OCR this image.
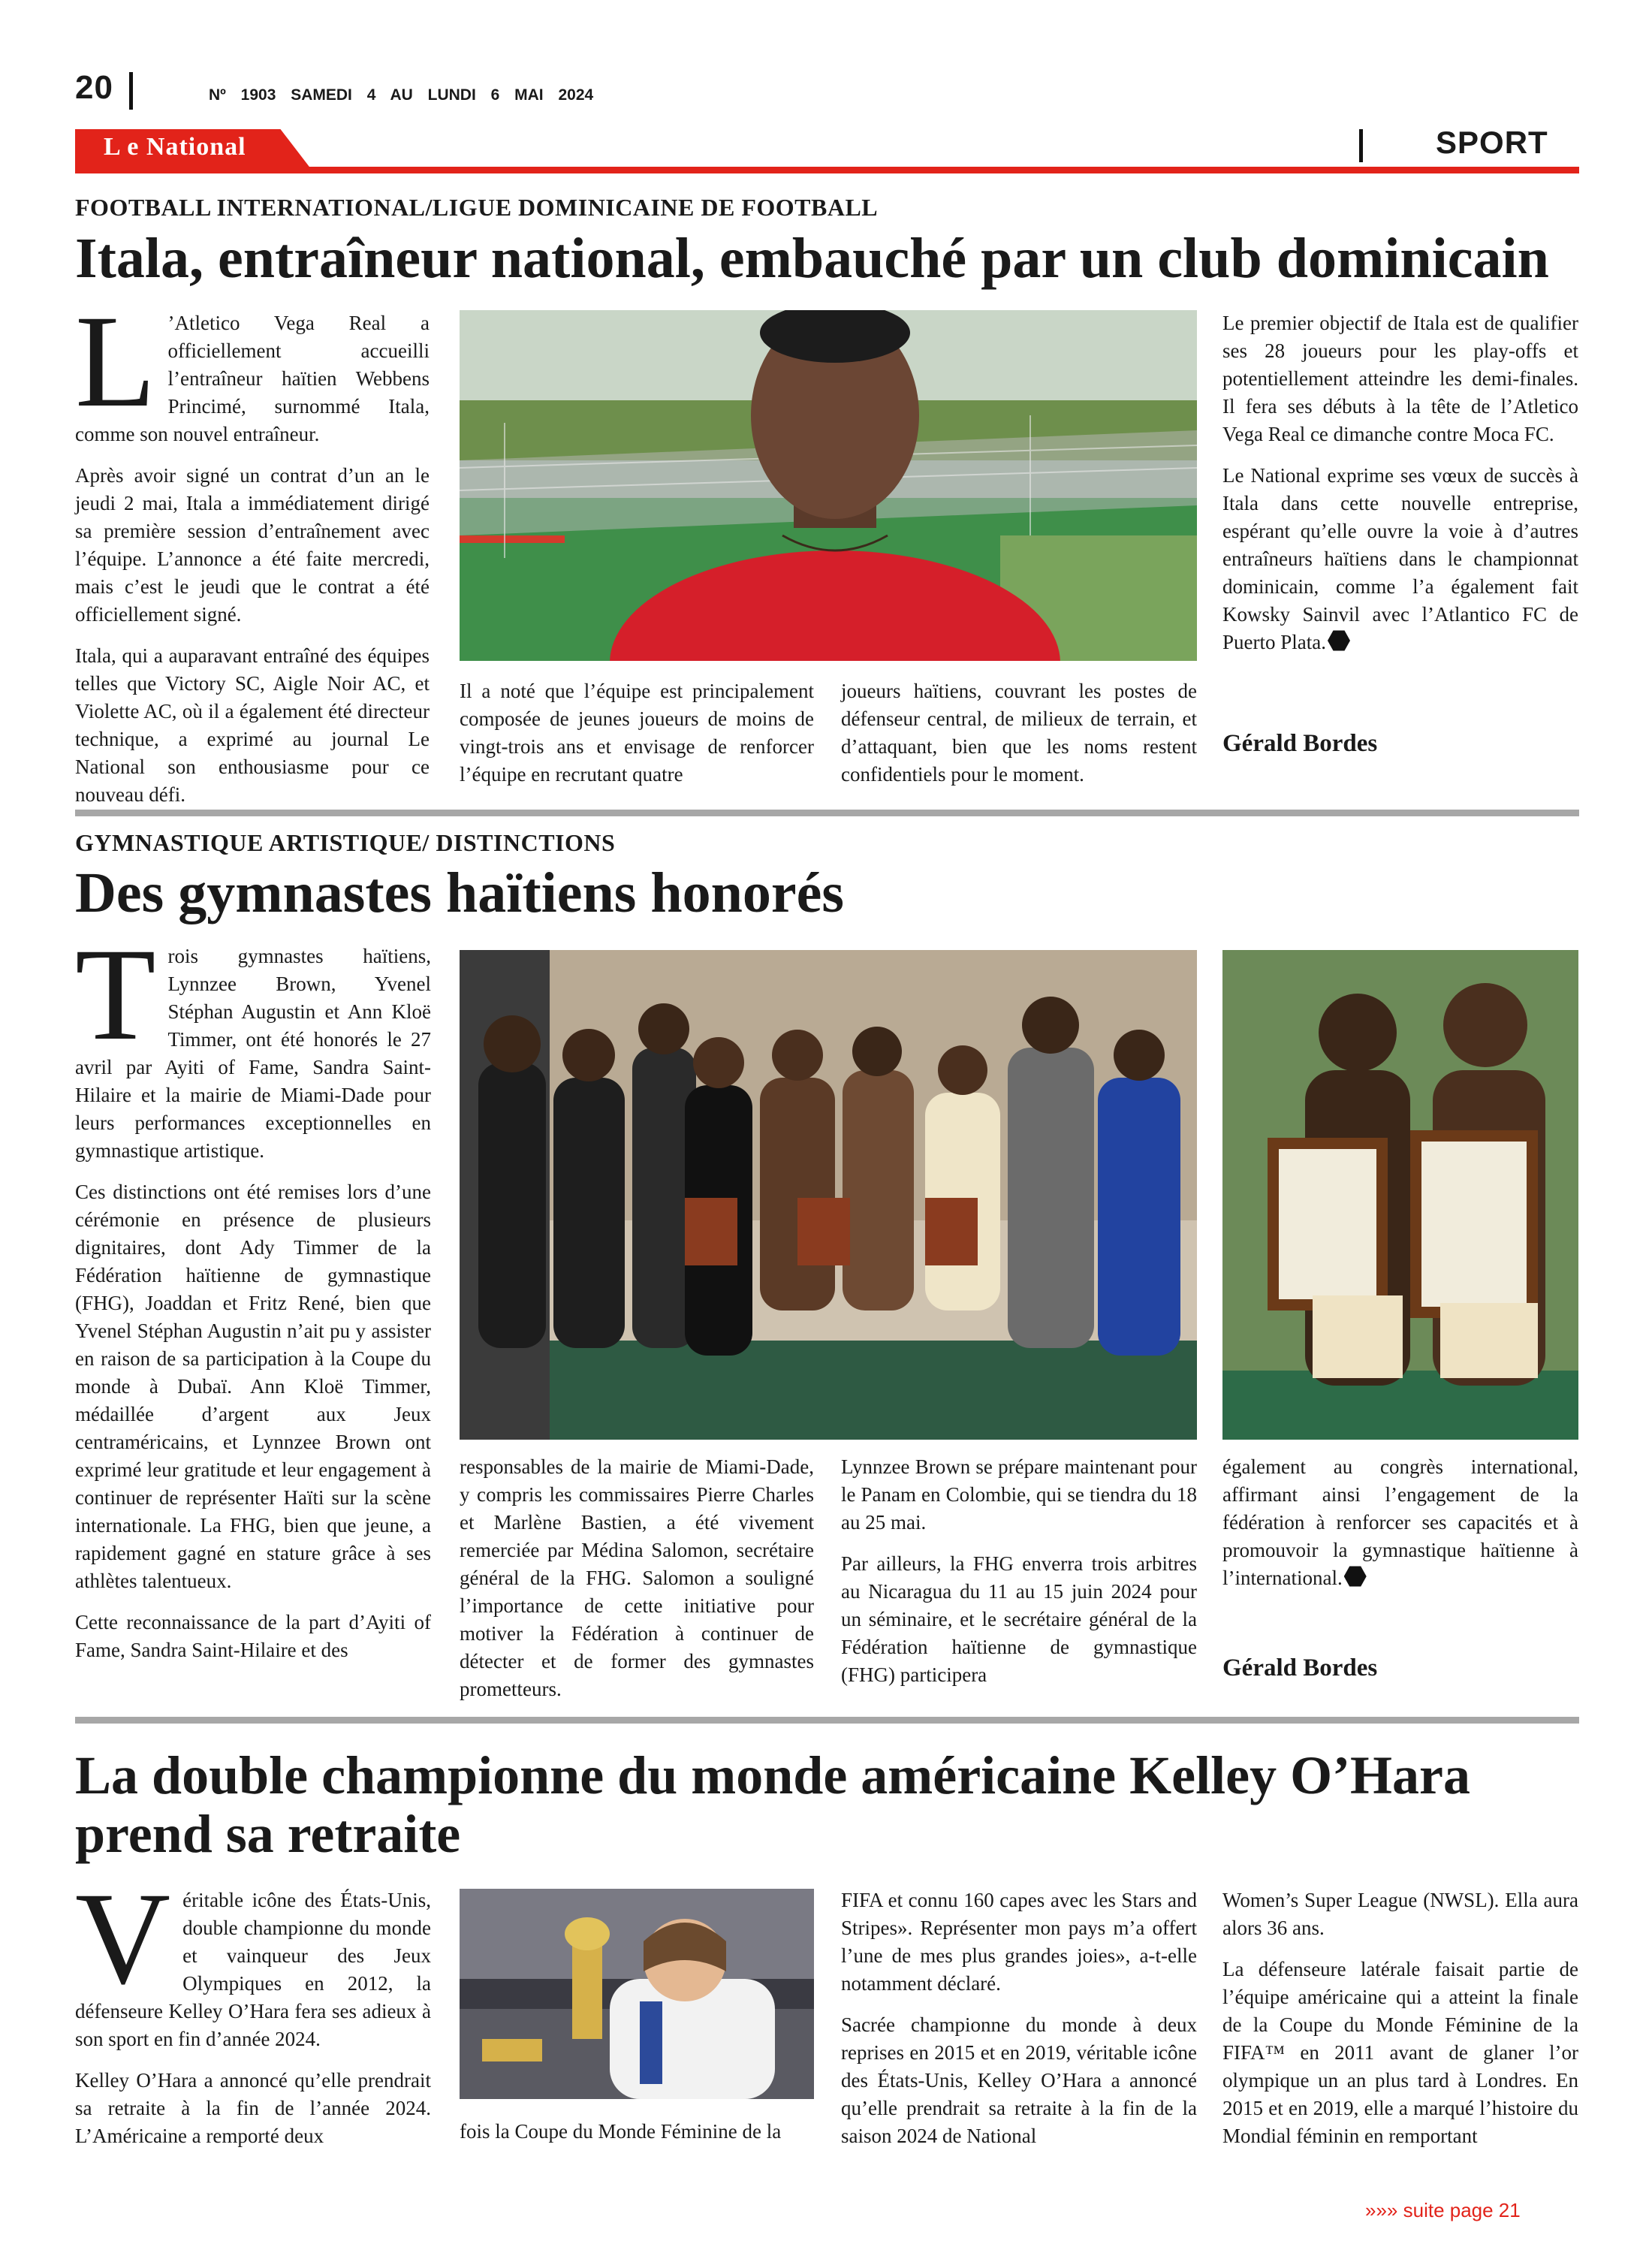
20	Nº 1903 SAMEDI 4 AU LUNDI 6 MAI 2024
L e National	SPORT
FOOTBALL INTERNATIONAL/LIGUE DOMINICAINE DE FOOTBALL
Itala, entraîneur national, embauché par un club dominicain

L ’Atletico Vega Real a officiellement accueilli l’entraîneur haïtien Webbens Princimé, surnommé Itala, comme son nouvel entraîneur.

Après avoir signé un contrat d’un an le jeudi 2 mai, Itala a immédiatement dirigé sa première session d’entraînement avec l’équipe. L’annonce a été faite mercredi, mais c’est le jeudi que le contrat a été officiellement signé.

Itala, qui a auparavant entraîné des équipes telles que Victory SC, Aigle Noir AC, et Violette AC, où il a également été directeur technique, a exprimé au journal Le National son enthousiasme pour ce nouveau défi.

Il a noté que l’équipe est principalement composée de jeunes joueurs de moins de vingt-trois ans et envisage de renforcer l’équipe en recrutant quatre

joueurs haïtiens, couvrant les postes de défenseur central, de milieux de terrain, et d’attaquant, bien que les noms restent confidentiels pour le moment.

Le premier objectif de Itala est de qualifier ses 28 joueurs pour les play-offs et potentiellement atteindre les demi-finales. Il fera ses débuts à la tête de l’Atletico Vega Real ce dimanche contre Moca FC.

Le National exprime ses vœux de succès à Itala dans cette nouvelle entreprise, espérant qu’elle ouvre la voie à d’autres entraîneurs haïtiens dans le championnat dominicain, comme l’a également fait Kowsky Sainvil avec l’Atlantico FC de Puerto Plata.

Gérald Bordes
GYMNASTIQUE ARTISTIQUE/ DISTINCTIONS
Des gymnastes haïtiens honorés

Trois gymnastes haïtiens, Lynnzee Brown, Yvenel Stéphan Augustin et Ann Kloë Timmer, ont été honorés le 27 avril par Ayiti of Fame, Sandra Saint-Hilaire et la mairie de Miami-Dade pour leurs performances exceptionnelles en gymnastique artistique.

Ces distinctions ont été remises lors d’une cérémonie en présence de plusieurs dignitaires, dont Ady Timmer de la Fédération haïtienne de gymnastique (FHG), Joaddan et Fritz René, bien que Yvenel Stéphan Augustin n’ait pu y assister en raison de sa participation à la Coupe du monde à Dubaï. Ann Kloë Timmer, médaillée d’argent aux Jeux centraméricains, et Lynnzee Brown ont exprimé leur gratitude et leur engagement à continuer de représenter Haïti sur la scène internationale. La FHG, bien que jeune, a rapidement gagné en stature grâce à ses athlètes talentueux.

Cette reconnaissance de la part d’Ayiti of Fame, Sandra Saint-Hilaire et des

responsables de la mairie de Miami-Dade, y compris les commissaires Pierre Charles et Marlène Bastien, a été vivement remerciée par Médina Salomon, secrétaire général de la FHG. Salomon a souligné l’importance de cette initiative pour motiver la Fédération à continuer de détecter et de former des gymnastes prometteurs.

Lynnzee Brown se prépare maintenant pour le Panam en Colombie, qui se tiendra du 18 au 25 mai.

Par ailleurs, la FHG enverra trois arbitres au Nicaragua du 11 au 15 juin 2024 pour un séminaire, et le secrétaire général de la Fédération haïtienne de gymnastique (FHG) participera

également au congrès international, affirmant ainsi l’engagement de la fédération à renforcer ses capacités et à promouvoir la gymnastique haïtienne à l’international.

Gérald Bordes
La double championne du monde américaine Kelley O’Hara prend sa retraite

Véritable icône des États-Unis, double championne du monde et vainqueur des Jeux Olympiques en 2012, la défenseure Kelley O’Hara fera ses adieux à son sport en fin d’année 2024.

Kelley O’Hara a annoncé qu’elle prendrait sa retraite à la fin de l’année 2024. L’Américaine a remporté deux	fois la Coupe du Monde Féminine de la

FIFA et connu 160 capes avec les Stars and Stripes». Représenter mon pays m’a offert l’une de mes plus grandes joies», a-t-elle notamment déclaré.

Sacrée championne du monde à deux reprises en 2015 et en 2019, véritable icône des États-Unis, Kelley O’Hara a annoncé qu’elle prendrait sa retraite à la fin de la saison 2024 de National

Women’s Super League (NWSL). Ella aura alors 36 ans.

La défenseure latérale faisait partie de l’équipe américaine qui a atteint la finale de la Coupe du Monde Féminine de la FIFA™ en 2011 avant de glaner l’or olympique un an plus tard à Londres. En 2015 et en 2019, elle a marqué l’histoire du Mondial féminin en remportant

»»» suite page 21
